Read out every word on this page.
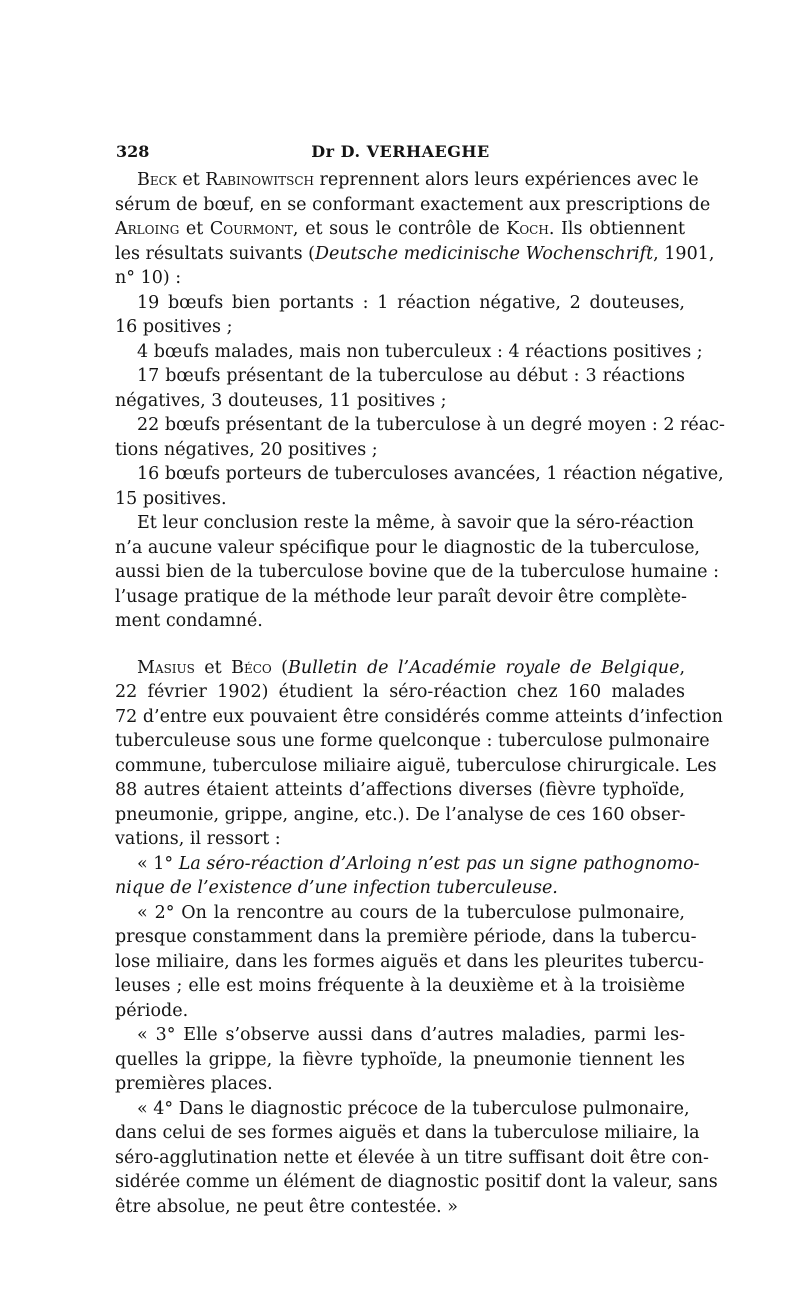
328	Dr D. VERHAEGHE
Beck et Rabinowitsch reprennent alors leurs expériences avec le
sérum de bœuf, en se conformant exactement aux prescriptions de
Arloing et Courmont, et sous le contrôle de Koch. Ils obtiennent
les résultats suivants (Deutsche medicinische Wochenschrift, 1901,
n° 10) :
19 bœufs bien portants : 1 réaction négative, 2 douteuses,
16 positives ;
4 bœufs malades, mais non tuberculeux : 4 réactions positives ;
17 bœufs présentant de la tuberculose au début : 3 réactions
négatives, 3 douteuses, 11 positives ;
22 bœufs présentant de la tuberculose à un degré moyen : 2 réac-
tions négatives, 20 positives ;
16 bœufs porteurs de tuberculoses avancées, 1 réaction négative,
15 positives.
Et leur conclusion reste la même, à savoir que la séro-réaction
n’a aucune valeur spécifique pour le diagnostic de la tuberculose,
aussi bien de la tuberculose bovine que de la tuberculose humaine :
l’usage pratique de la méthode leur paraît devoir être complète-
ment condamné.
Masius et Béco (Bulletin de l’Académie royale de Belgique,
22 février 1902) étudient la séro-réaction chez 160 malades
72 d’entre eux pouvaient être considérés comme atteints d’infection
tuberculeuse sous une forme quelconque : tuberculose pulmonaire
commune, tuberculose miliaire aiguë, tuberculose chirurgicale. Les
88 autres étaient atteints d’affections diverses (fièvre typhoïde,
pneumonie, grippe, angine, etc.). De l’analyse de ces 160 obser-
vations, il ressort :
« 1° La séro-réaction d’Arloing n’est pas un signe pathognomo-
nique de l’existence d’une infection tuberculeuse.
« 2° On la rencontre au cours de la tuberculose pulmonaire,
presque constamment dans la première période, dans la tubercu-
lose miliaire, dans les formes aiguës et dans les pleurites tubercu-
leuses ; elle est moins fréquente à la deuxième et à la troisième
période.
« 3° Elle s’observe aussi dans d’autres maladies, parmi les-
quelles la grippe, la fièvre typhoïde, la pneumonie tiennent les
premières places.
« 4° Dans le diagnostic précoce de la tuberculose pulmonaire,
dans celui de ses formes aiguës et dans la tuberculose miliaire, la
séro-agglutination nette et élevée à un titre suffisant doit être con-
sidérée comme un élément de diagnostic positif dont la valeur, sans
être absolue, ne peut être contestée. »
